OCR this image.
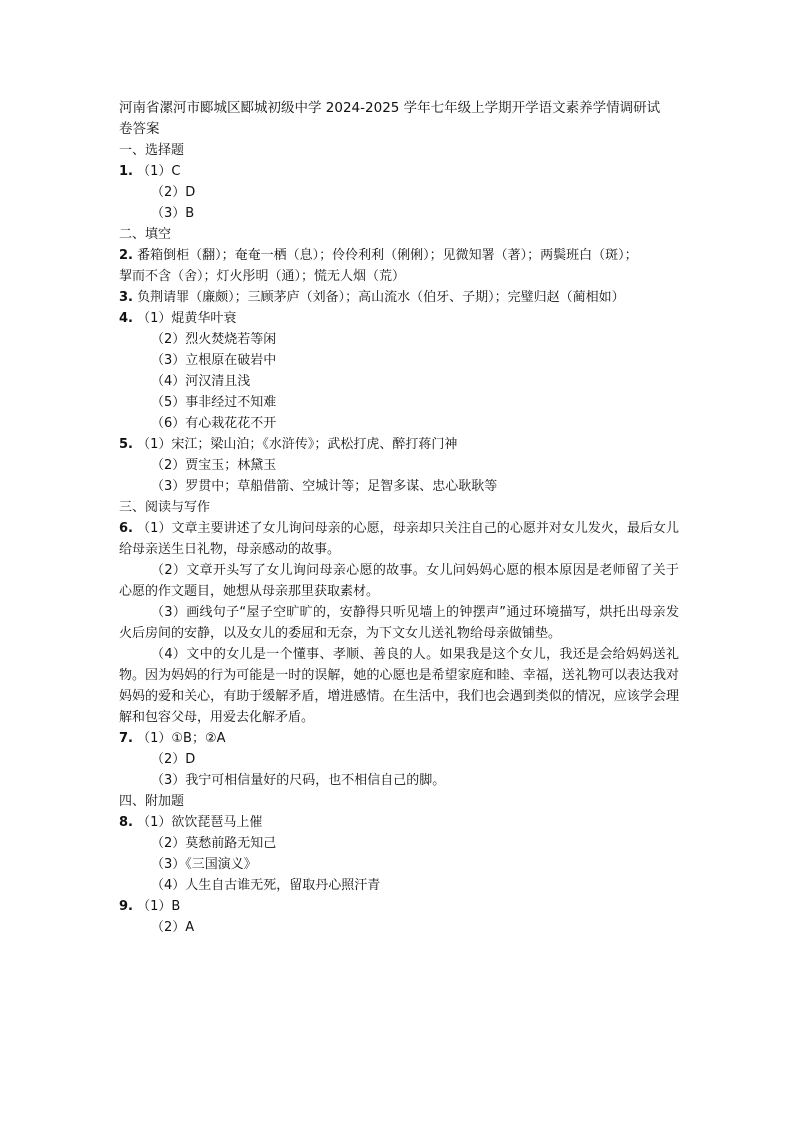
河南省漯河市郾城区郾城初级中学 2024-2025 学年七年级上学期开学语文素养学情调研试
卷答案
一、选择题
1. （1）C
（2）D
（3）B
二、填空
2. 番箱倒柜（翻）；奄奄一栖（息）；伶伶利利（俐俐）；见微知署（著）；两鬓班白（斑）；
挈而不含（舍）；灯火彤明（通）；慌无人烟（荒）
3. 负荆请罪（廉颇）；三顾茅庐（刘备）；高山流水（伯牙、子期）；完璧归赵（蔺相如）
4. （1）焜黄华叶衰
（2）烈火焚烧若等闲
（3）立根原在破岩中
（4）河汉清且浅
（5）事非经过不知难
（6）有心栽花花不开
5. （1）宋江；梁山泊；《水浒传》；武松打虎、醉打蒋门神
（2）贾宝玉；林黛玉
（3）罗贯中；草船借箭、空城计等；足智多谋、忠心耿耿等
三、阅读与写作
6. （1）文章主要讲述了女儿询问母亲的心愿，母亲却只关注自己的心愿并对女儿发火，最后女儿给母亲送生日礼物，母亲感动的故事。
（2）文章开头写了女儿询问母亲心愿的故事。女儿问妈妈心愿的根本原因是老师留了关于心愿的作文题目，她想从母亲那里获取素材。
（3）画线句子“屋子空旷旷的，安静得只听见墙上的钟摆声”通过环境描写，烘托出母亲发火后房间的安静，以及女儿的委屈和无奈，为下文女儿送礼物给母亲做铺垫。
（4）文中的女儿是一个懂事、孝顺、善良的人。如果我是这个女儿，我还是会给妈妈送礼物。因为妈妈的行为可能是一时的误解，她的心愿也是希望家庭和睦、幸福，送礼物可以表达我对妈妈的爱和关心，有助于缓解矛盾，增进感情。在生活中，我们也会遇到类似的情况，应该学会理解和包容父母，用爱去化解矛盾。
7. （1）①B；②A
（2）D
（3）我宁可相信量好的尺码，也不相信自己的脚。
四、附加题
8. （1）欲饮琵琶马上催
（2）莫愁前路无知己
（3）《三国演义》
（4）人生自古谁无死，留取丹心照汗青
9. （1）B
（2）A
